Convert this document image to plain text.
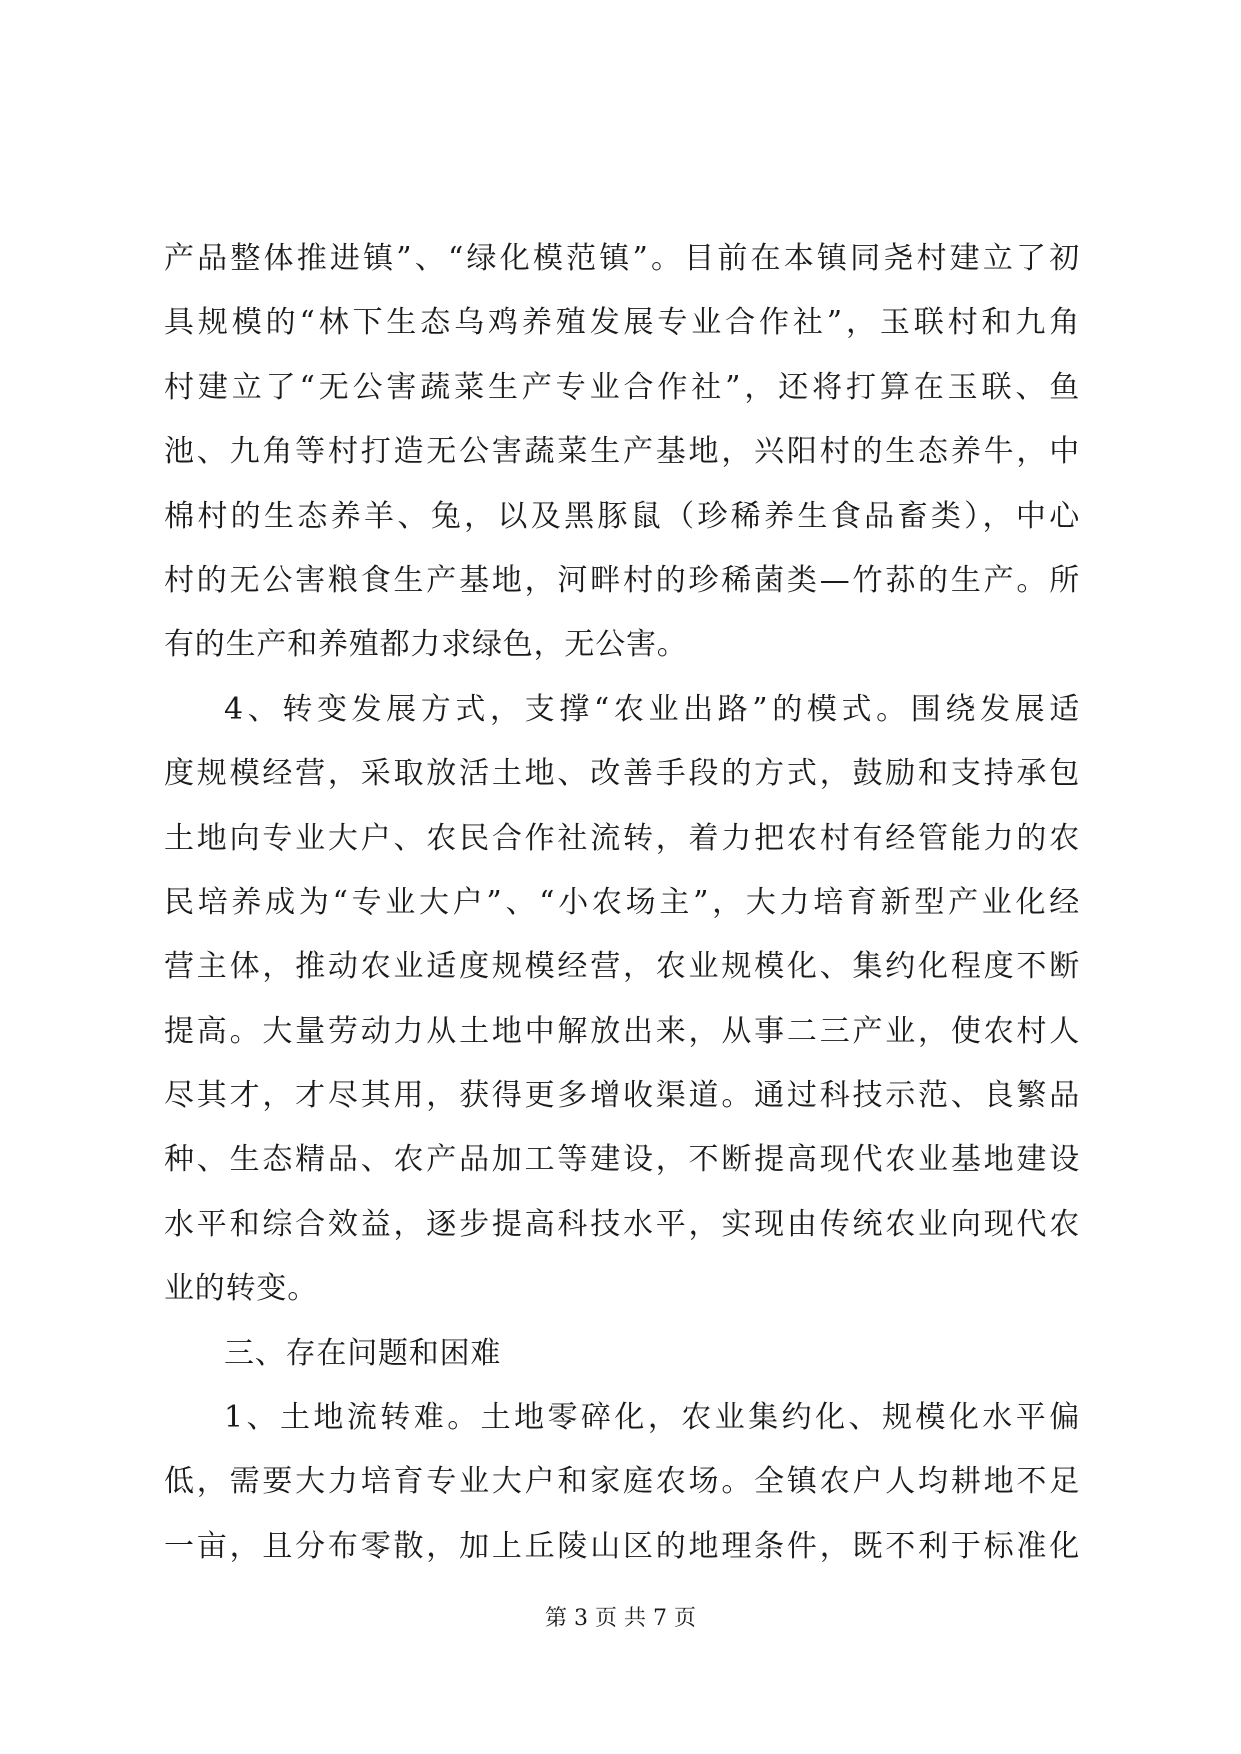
产品整体推进镇”、“绿化模范镇”。目前在本镇同尧村建立了初
具规模的“林下生态乌鸡养殖发展专业合作社”，玉联村和九角
村建立了“无公害蔬菜生产专业合作社”，还将打算在玉联、鱼
池、九角等村打造无公害蔬菜生产基地，兴阳村的生态养牛，中
棉村的生态养羊、兔，以及黑豚鼠（珍稀养生食品畜类），中心
村的无公害粮食生产基地，河畔村的珍稀菌类—竹荪的生产。所
有的生产和养殖都力求绿色，无公害。
4、转变发展方式，支撑“农业出路”的模式。围绕发展适
度规模经营，采取放活土地、改善手段的方式，鼓励和支持承包
土地向专业大户、农民合作社流转，着力把农村有经管能力的农
民培养成为“专业大户”、“小农场主”，大力培育新型产业化经
营主体，推动农业适度规模经营，农业规模化、集约化程度不断
提高。大量劳动力从土地中解放出来，从事二三产业，使农村人
尽其才，才尽其用，获得更多增收渠道。通过科技示范、良繁品
种、生态精品、农产品加工等建设，不断提高现代农业基地建设
水平和综合效益，逐步提高科技水平，实现由传统农业向现代农
业的转变。
三、存在问题和困难
1、土地流转难。土地零碎化，农业集约化、规模化水平偏
低，需要大力培育专业大户和家庭农场。全镇农户人均耕地不足
一亩，且分布零散，加上丘陵山区的地理条件，既不利于标准化
第 3 页 共 7 页
